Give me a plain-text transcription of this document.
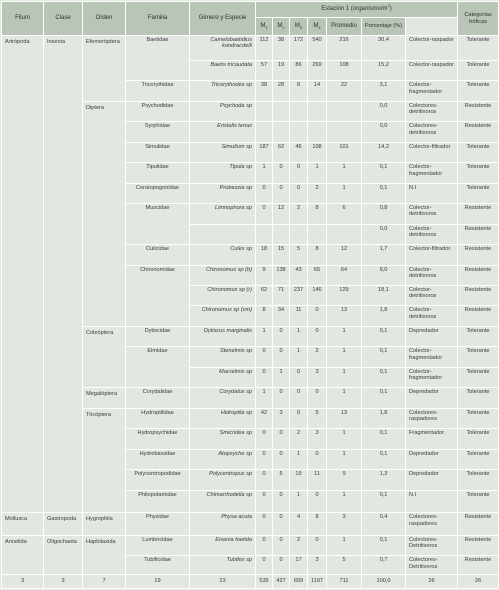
Filum	Clase	Orden	Familia	Género y Especie	Estación 1 $(organismo/m^2)$							Categorías tróficas	
					$M_1$	$M_2$	$M_3$	$M_4$	Promedio	Porcentaje (%)			
Artrópoda	Insecta	Efemeróptera	Baetidae	Camelobaetidius kondracdelli	112	38	172	540	216	30,4	Colector-raspador	Tolerante	
				Baetis tricaudata	57	19	86	269	108	15,2	Colector-raspador	Tolerante	
			Tricorythidae	Tricorythodes sp	38	28	8	14	22	3,1	Colector-fragmentador	Tolerante	
		Diptera	Psychodidae	Psychoda sp						0,0	Colectores-detritivoros	Resistente	
			Syrphidae	Eristalis tenax						0,0	Colectores-detritivoros	Resistente	
			Simulidae	Simulium sp	187	62	46	108	101	14,2	Colector-filtrador	Tolerante	
			Tipulidae	Tipula sp	1	0	0	1	1	0,1	Colector-fragmentador	Tolerante	
			Ceratopogonidae	Probezzia sp	0	0	0	2	1	0,1	N.I	Tolerante	
			Muscidae	Limnophora sp	0	12	2	8	6	0,8	Colector-detritivoros	Resistente	
										0,0	Colector-detritivoros	Resistente	
			Culicidae	Culex sp	18	15	5	8	12	1,7	Colector-filtrador	Resistente	
			Chironomidae	Chironomus sp (b)	9	138	43	65	64	9,0	Colector-detritivoros	Resistente	
				Chironomus sp (r)	62	71	237	146	129	18,1	Colector-detritivoros	Resistente	
				Chironomus sp (vm)	8	34	11	0	13	1,8	Colector-detritivoros	Resistente	
		Coleóptera	Dytiscidae	Dytiscus marginalis	1	0	1	0	1	0,1	Depredador	Tolerante	
			Elmidae	Stenelmis sp	0	0	1	2	1	0,1	Colector-fragmentador	Tolerante	
				Macrelmis sp	0	1	0	3	1	0,1	Colector-fragmentador	Tolerante	
		Megalóptera	Corydalidae	Corydalus sp	1	0	0	0	1	0,1	Depredador	Tolerante	
		Tricóptera	Hydroptilidae	Hidroptila sp	42	3	0	5	13	1,8	Colectores-raspadores	Tolerante	
			Hydropsychidae	Smicridea sp	0	0	2	3	1	0,1	Fragmentador	Tolerante	
			Hydrobiosidae	Atopsyche sp	0	0	1	0	1	0,1	Depredador	Tolerante	
			Polycentropodidae	Polycentropus sp	0	5	19	11	9	1,3	Depredador	Tolerante	
			Philopotamidae	Chimarrhodella sp	0	0	1	0	1	0,1	N.I	Tolerante	
Mollusca	Gastropoda	Hygrophila	Physidae	Physa acuta	0	0	4	8	3	0,4	Colectores-raspadores	Resistente	
Annelida	Oligochaeta	Haplotaxida	Lumbricidae	Eisenia foetida	0	0	2	0	1	0,1	Colectores-Detritivoros	Resistente	
			Tubificidae	Tubifex sp	0	0	17	3	5	0,7	Colectores-Detritivoros	Resistente	
3	3	7	19	23	535	427	659	1197	711	100,0	26	26	
